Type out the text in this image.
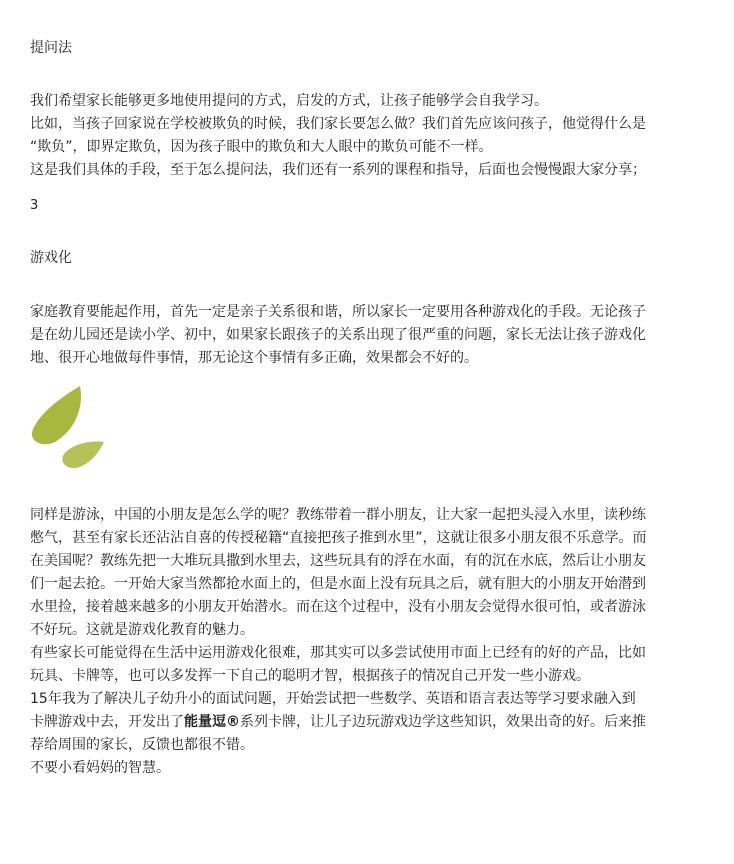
提问法
我们希望家长能够更多地使用提问的方式，启发的方式，让孩子能够学会自我学习。
比如，当孩子回家说在学校被欺负的时候，我们家长要怎么做？我们首先应该问孩子，他觉得什么是
“欺负”，即界定欺负，因为孩子眼中的欺负和大人眼中的欺负可能不一样。
这是我们具体的手段，至于怎么提问法，我们还有一系列的课程和指导，后面也会慢慢跟大家分享；
3
游戏化
家庭教育要能起作用，首先一定是亲子关系很和谐，所以家长一定要用各种游戏化的手段。无论孩子
是在幼儿园还是读小学、初中，如果家长跟孩子的关系出现了很严重的问题，家长无法让孩子游戏化
地、很开心地做每件事情，那无论这个事情有多正确，效果都会不好的。
同样是游泳，中国的小朋友是怎么学的呢？教练带着一群小朋友，让大家一起把头浸入水里，读秒练
憋气，甚至有家长还沾沾自喜的传授秘籍“直接把孩子推到水里”，这就让很多小朋友很不乐意学。而
在美国呢？教练先把一大堆玩具撒到水里去，这些玩具有的浮在水面，有的沉在水底，然后让小朋友
们一起去抢。一开始大家当然都抢水面上的，但是水面上没有玩具之后，就有胆大的小朋友开始潜到
水里捡，接着越来越多的小朋友开始潜水。而在这个过程中，没有小朋友会觉得水很可怕，或者游泳
不好玩。这就是游戏化教育的魅力。
有些家长可能觉得在生活中运用游戏化很难，那其实可以多尝试使用市面上已经有的好的产品，比如
玩具、卡牌等，也可以多发挥一下自己的聪明才智，根据孩子的情况自己开发一些小游戏。
15年我为了解决儿子幼升小的面试问题，开始尝试把一些数学、英语和语言表达等学习要求融入到
卡牌游戏中去，开发出了能量逗®系列卡牌，让儿子边玩游戏边学这些知识，效果出奇的好。后来推
荐给周围的家长，反馈也都很不错。
不要小看妈妈的智慧。
